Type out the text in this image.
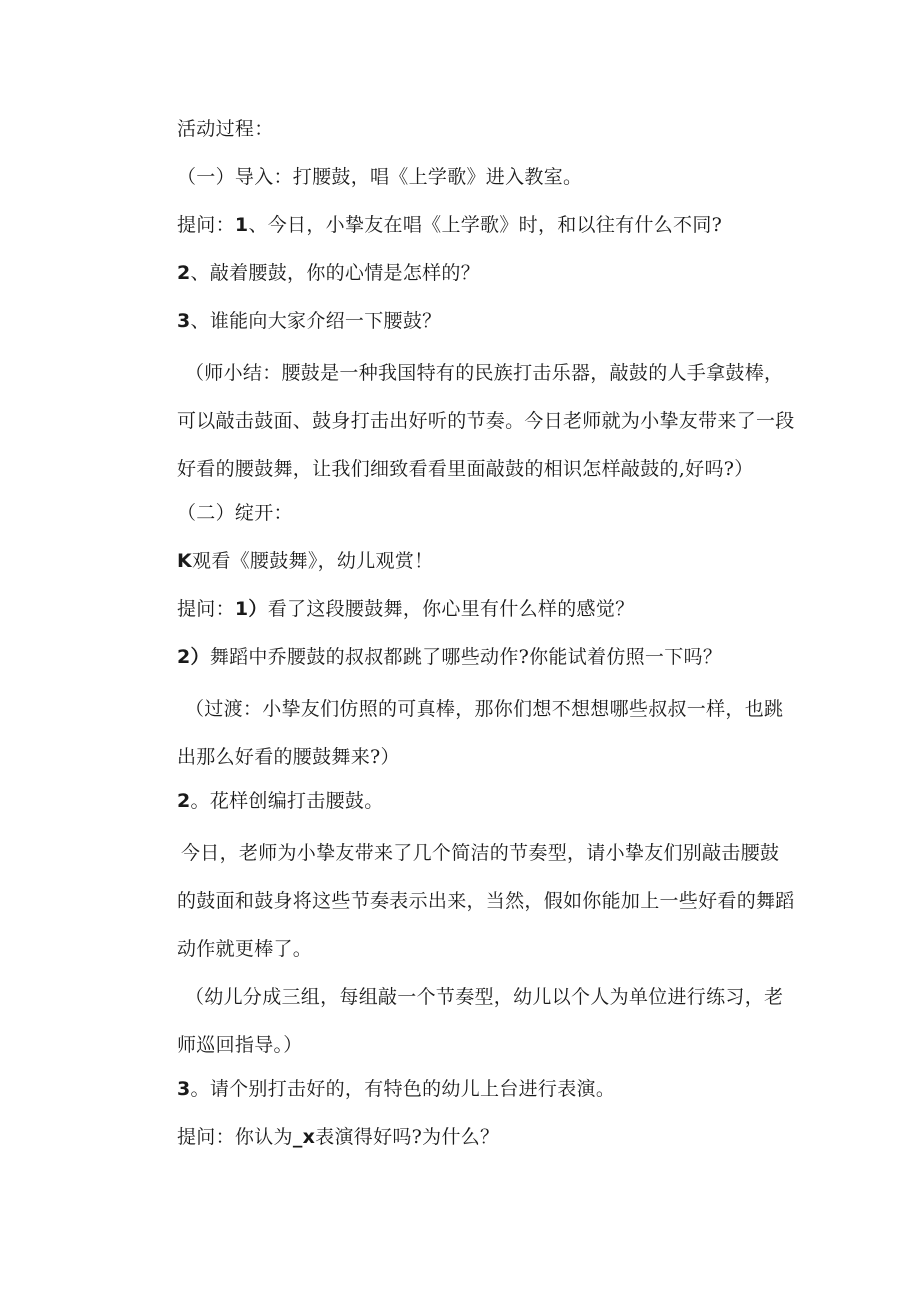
活动过程：
（一）导入：打腰鼓，唱《上学歌》进入教室。
提问：1、今日，小挚友在唱《上学歌》时，和以往有什么不同?
2、敲着腰鼓，你的心情是怎样的？
3、谁能向大家介绍一下腰鼓？
（师小结：腰鼓是一种我国特有的民族打击乐器，敲鼓的人手拿鼓棒，可以敲击鼓面、鼓身打击出好听的节奏。今日老师就为小挚友带来了一段好看的腰鼓舞，让我们细致看看里面敲鼓的相识怎样敲鼓的,好吗?）
（二）绽开：
K观看《腰鼓舞》，幼儿观赏！
提问：1）看了这段腰鼓舞，你心里有什么样的感觉？
2）舞蹈中乔腰鼓的叔叔都跳了哪些动作?你能试着仿照一下吗？
（过渡：小挚友们仿照的可真棒，那你们想不想想哪些叔叔一样，也跳出那么好看的腰鼓舞来?）
2。花样创编打击腰鼓。
今日，老师为小挚友带来了几个简洁的节奏型，请小挚友们别敲击腰鼓的鼓面和鼓身将这些节奏表示出来，当然，假如你能加上一些好看的舞蹈动作就更棒了。
（幼儿分成三组，每组敲一个节奏型，幼儿以个人为单位进行练习，老师巡回指导。）
3。请个别打击好的，有特色的幼儿上台进行表演。
提问：你认为_x表演得好吗?为什么？
